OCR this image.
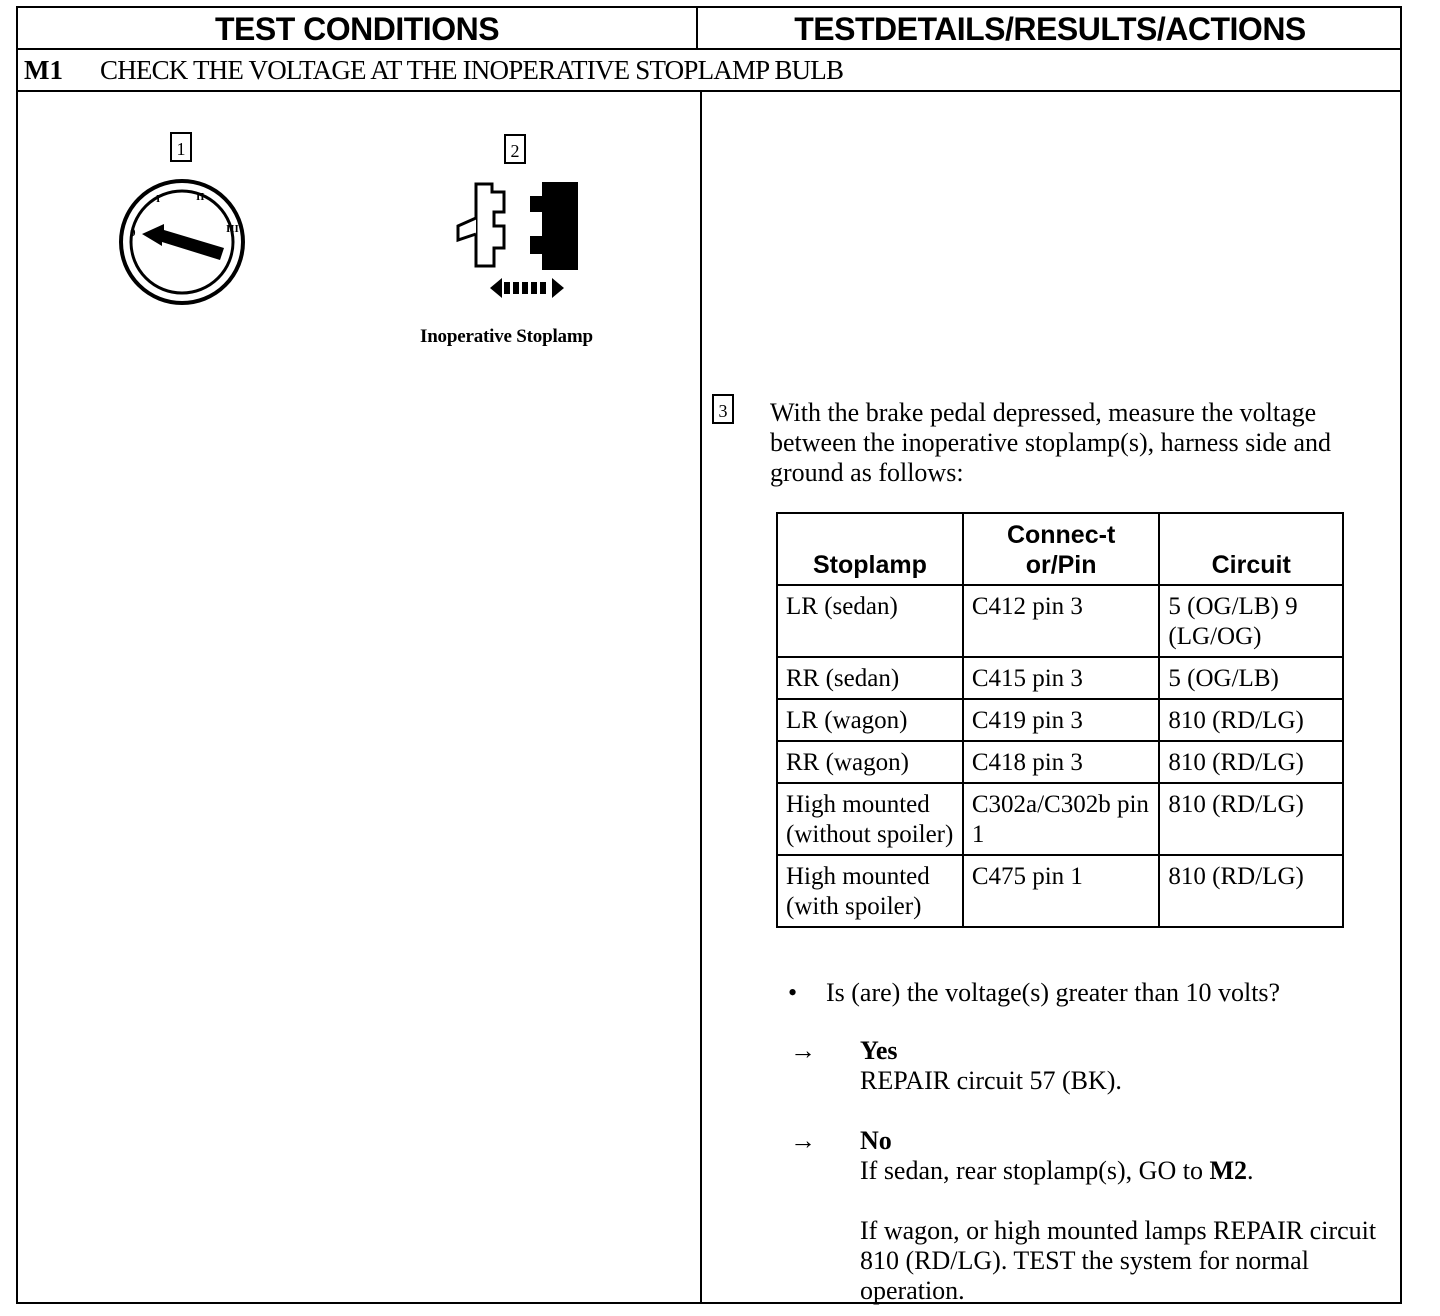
TEST CONDITIONS	TESTDETAILS/RESULTS/ACTIONS
M1 CHECK THE VOLTAGE AT THE INOPERATIVE STOPLAMP BULB
1
0
I	II
III
2
Inoperative Stoplamp
3 With the brake pedal depressed, measure the voltage between the inoperative stoplamp(s), harness side and ground as follows:
Stoplamp	Connec-tor/Pin	Circuit
LR (sedan)	C412 pin 3	5 (OG/LB) 9 (LG/OG)
RR (sedan)	C415 pin 3	5 (OG/LB)
LR (wagon)	C419 pin 3	810 (RD/LG)
RR (wagon)	C418 pin 3	810 (RD/LG)
High mounted (without spoiler)	C302a/C302b pin 1	810 (RD/LG)
High mounted (with spoiler)	C475 pin 1	810 (RD/LG)
• Is (are) the voltage(s) greater than 10 volts?
→ Yes
REPAIR circuit 57 (BK).
→ No
If sedan, rear stoplamp(s), GO to M2.
If wagon, or high mounted lamps REPAIR circuit 810 (RD/LG). TEST the system for normal operation.
